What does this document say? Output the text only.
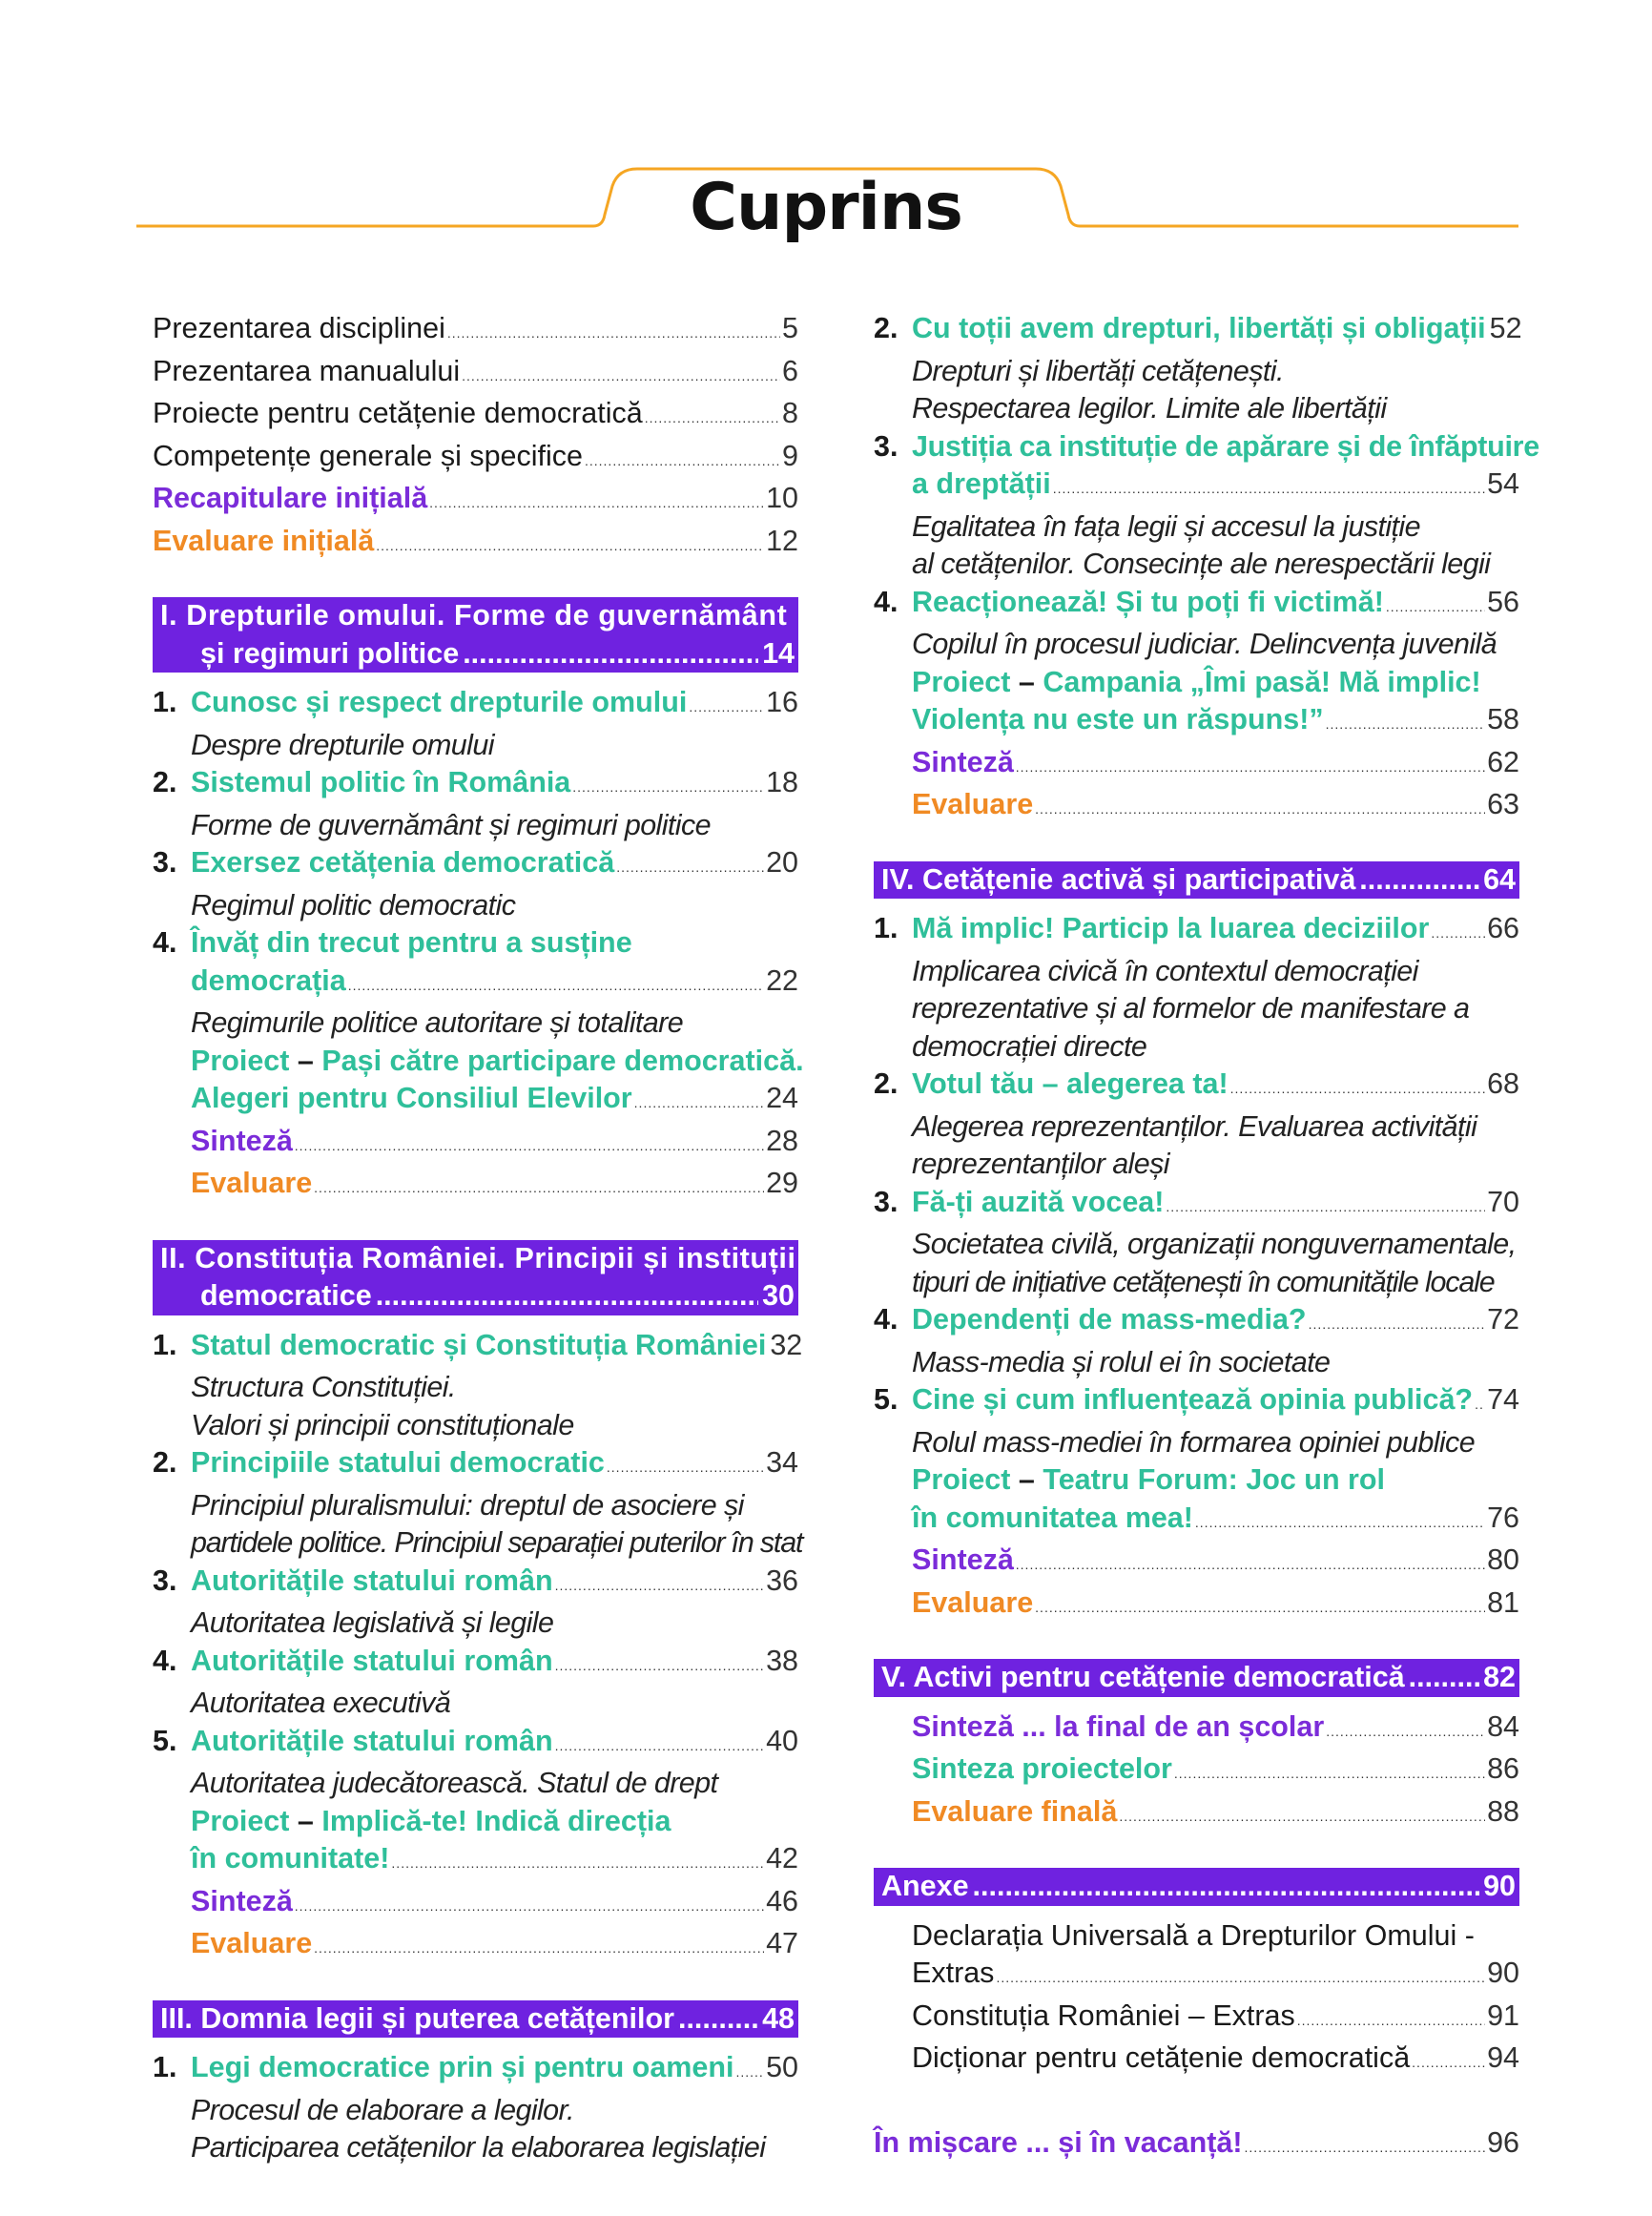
Cuprins
Prezentarea disciplinei .....	5
Prezentarea manualului .....	6
Proiecte pentru cetățenie democratică .....	8
Competențe generale și specifice .....	9
Recapitulare inițială .....	10
Evaluare inițială .....	12
I. Drepturile omului. Forme de guvernământ
și regimuri politice .....	14
1. Cunosc și respect drepturile omului .....	16
Despre drepturile omului
2. Sistemul politic în România .....	18
Forme de guvernământ și regimuri politice
3. Exersez cetățenia democratică .....	20
Regimul politic democratic
4. Învăț din trecut pentru a susține
democrația .....	22
Regimurile politice autoritare și totalitare
Proiect – Pași către participare democratică.
Alegeri pentru Consiliul Elevilor .....	24
Sinteză .....	28
Evaluare .....	29
II. Constituția României. Principii și instituții
democratice .....	30
1. Statul democratic și Constituția României 32
Structura Constituției.
Valori și principii constituționale
2. Principiile statului democratic .....	34
Principiul pluralismului: dreptul de asociere și
partidele politice. Principiul separației puterilor în stat
3. Autoritățile statului român .....	36
Autoritatea legislativă și legile
4. Autoritățile statului român .....	38
Autoritatea executivă
5. Autoritățile statului român .....	40
Autoritatea judecătorească. Statul de drept
Proiect – Implică-te! Indică direcția
în comunitate! .....	42
Sinteză .....	46
Evaluare .....	47
III. Domnia legii și puterea cetățenilor .....	48
1. Legi democratice prin și pentru oameni ..... 50
Procesul de elaborare a legilor.
Participarea cetățenilor la elaborarea legislației
2. Cu toții avem drepturi, libertăți și obligații 52
Drepturi și libertăți cetățenești.
Respectarea legilor. Limite ale libertății
3. Justiția ca instituție de apărare și de înfăptuire
a dreptății .....	54
Egalitatea în fața legii și accesul la justiție
al cetățenilor. Consecințe ale nerespectării legii
4. Reacționează! Și tu poți fi victimă! .....	56
Copilul în procesul judiciar. Delincvența juvenilă
Proiect – Campania „Îmi pasă! Mă implic!
Violența nu este un răspuns!” .....	58
Sinteză .....	62
Evaluare .....	63
IV. Cetățenie activă și participativă .....	64
1. Mă implic! Particip la luarea deciziilor ..... 66
Implicarea civică în contextul democrației
reprezentative și al formelor de manifestare a
democrației directe
2. Votul tău – alegerea ta! .....	68
Alegerea reprezentanților. Evaluarea activității
reprezentanților aleși
3. Fă-ți auzită vocea! .....	70
Societatea civilă, organizații nonguvernamentale,
tipuri de inițiative cetățenești în comunitățile locale
4. Dependenți de mass-media? .....	72
Mass-media și rolul ei în societate
5. Cine și cum influențează opinia publică? ..... 74
Rolul mass-mediei în formarea opiniei publice
Proiect – Teatru Forum: Joc un rol
în comunitatea mea! .....	76
Sinteză .....	80
Evaluare .....	81
V. Activi pentru cetățenie democratică .....	82
Sinteză ... la final de an școlar .....	84
Sinteza proiectelor .....	86
Evaluare finală .....	88
Anexe .....	90
Declarația Universală a Drepturilor Omului -
Extras .....	90
Constituția României – Extras .....	91
Dicționar pentru cetățenie democratică .....	94
În mișcare ... și în vacanță! .....	96
